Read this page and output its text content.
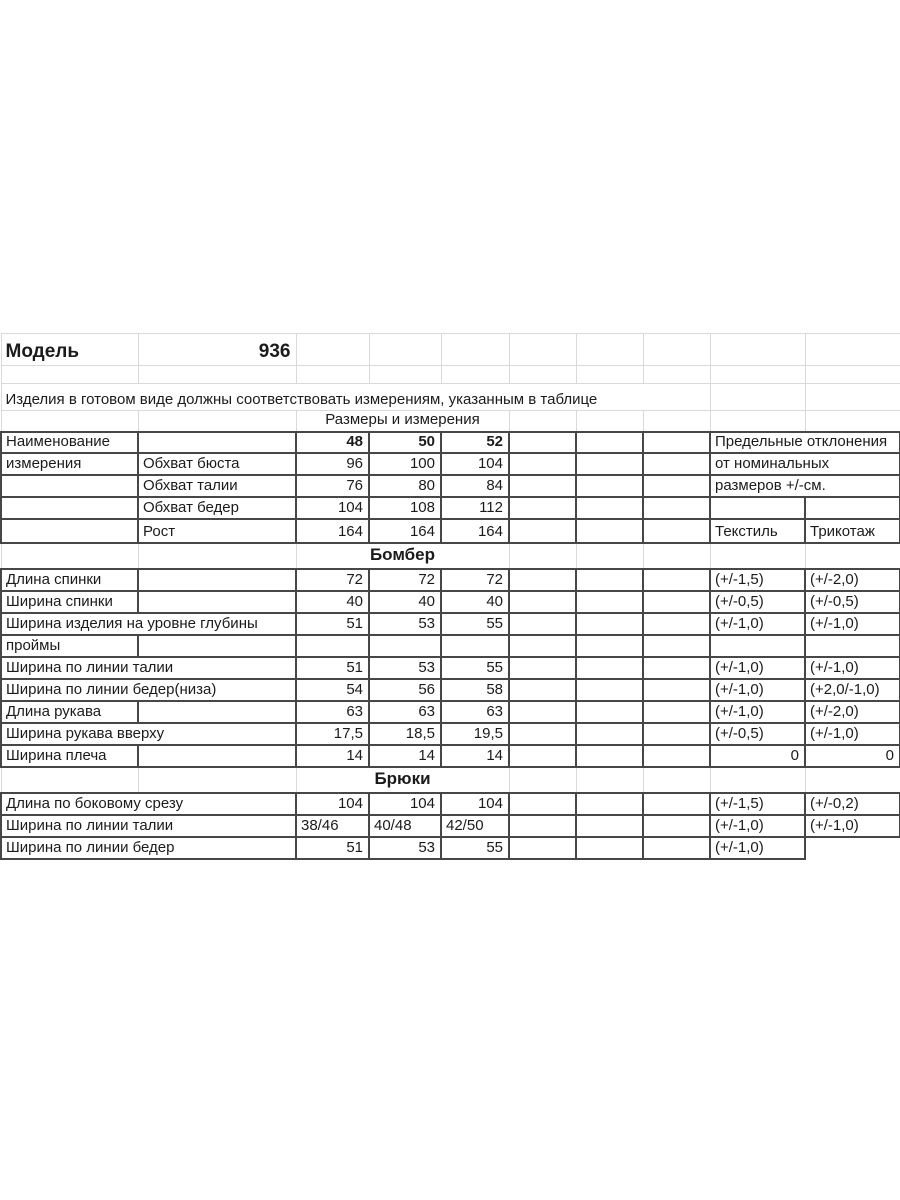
Модель	936								

Изделия в готовом виде должны соответствовать измерениям, указанным в таблице									
		Размеры и измерения							
Наименование		48	50	52				Предельные отклонения	
измерения	Обхват бюста	96	100	104				от номинальных	
	Обхват талии	76	80	84				размеров +/-см.	
	Обхват бедер	104	108	112					
	Рост	164	164	164				Текстиль	Трикотаж
		Бомбер							
Длина спинки		72	72	72				(+/-1,5)	(+/-2,0)
Ширина спинки		40	40	40				(+/-0,5)	(+/-0,5)
Ширина изделия на уровне глубины		51	53	55				(+/-1,0)	(+/-1,0)
проймы									
Ширина по линии талии		51	53	55				(+/-1,0)	(+/-1,0)
Ширина по линии бедер(низа)		54	56	58				(+/-1,0)	(+2,0/-1,0)
Длина рукава		63	63	63				(+/-1,0)	(+/-2,0)
Ширина рукава вверху		17,5	18,5	19,5				(+/-0,5)	(+/-1,0)
Ширина плеча		14	14	14				0	0
		Брюки							
Длина по боковому срезу		104	104	104				(+/-1,5)	(+/-0,2)
Ширина по линии талии		38/46	40/48	42/50				(+/-1,0)	(+/-1,0)
Ширина по линии бедер		51	53	55				(+/-1,0)	
